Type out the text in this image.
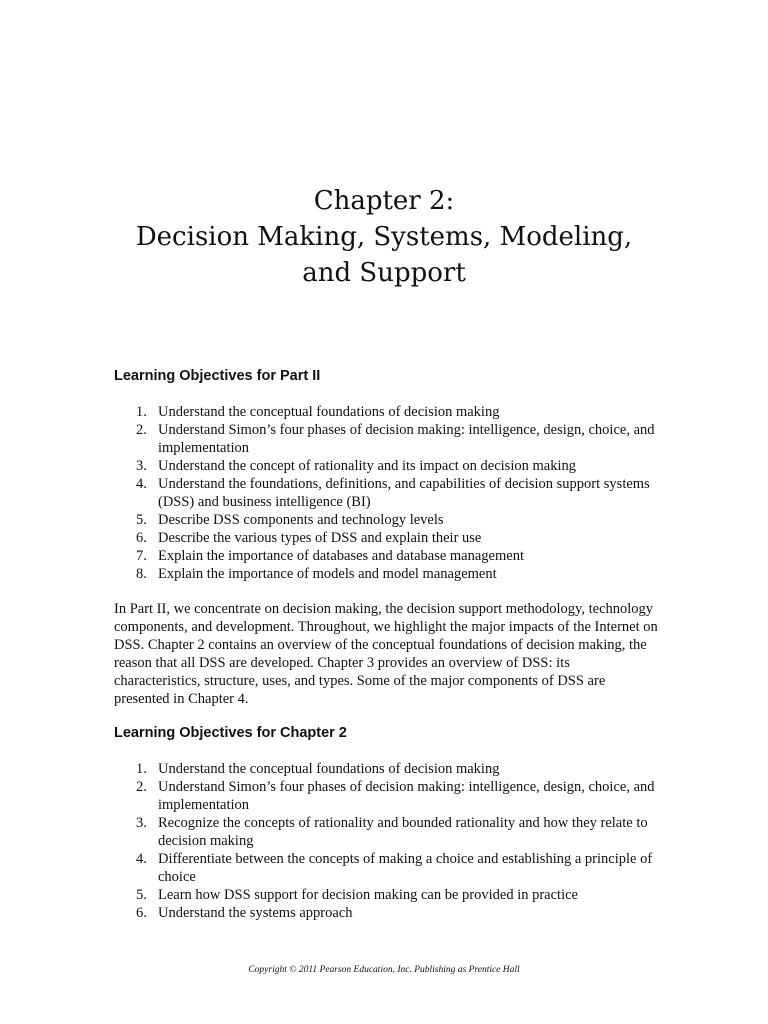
Chapter 2:
Decision Making, Systems, Modeling,
and Support
Learning Objectives for Part II
1. Understand the conceptual foundations of decision making
2. Understand Simon’s four phases of decision making: intelligence, design, choice, and implementation
3. Understand the concept of rationality and its impact on decision making
4. Understand the foundations, definitions, and capabilities of decision support systems (DSS) and business intelligence (BI)
5. Describe DSS components and technology levels
6. Describe the various types of DSS and explain their use
7. Explain the importance of databases and database management
8. Explain the importance of models and model management

In Part II, we concentrate on decision making, the decision support methodology, technology components, and development. Throughout, we highlight the major impacts of the Internet on DSS. Chapter 2 contains an overview of the conceptual foundations of decision making, the reason that all DSS are developed. Chapter 3 provides an overview of DSS: its characteristics, structure, uses, and types. Some of the major components of DSS are presented in Chapter 4.

Learning Objectives for Chapter 2
1. Understand the conceptual foundations of decision making
2. Understand Simon’s four phases of decision making: intelligence, design, choice, and implementation
3. Recognize the concepts of rationality and bounded rationality and how they relate to decision making
4. Differentiate between the concepts of making a choice and establishing a principle of choice
5. Learn how DSS support for decision making can be provided in practice
6. Understand the systems approach

Copyright © 2011 Pearson Education, Inc. Publishing as Prentice Hall
